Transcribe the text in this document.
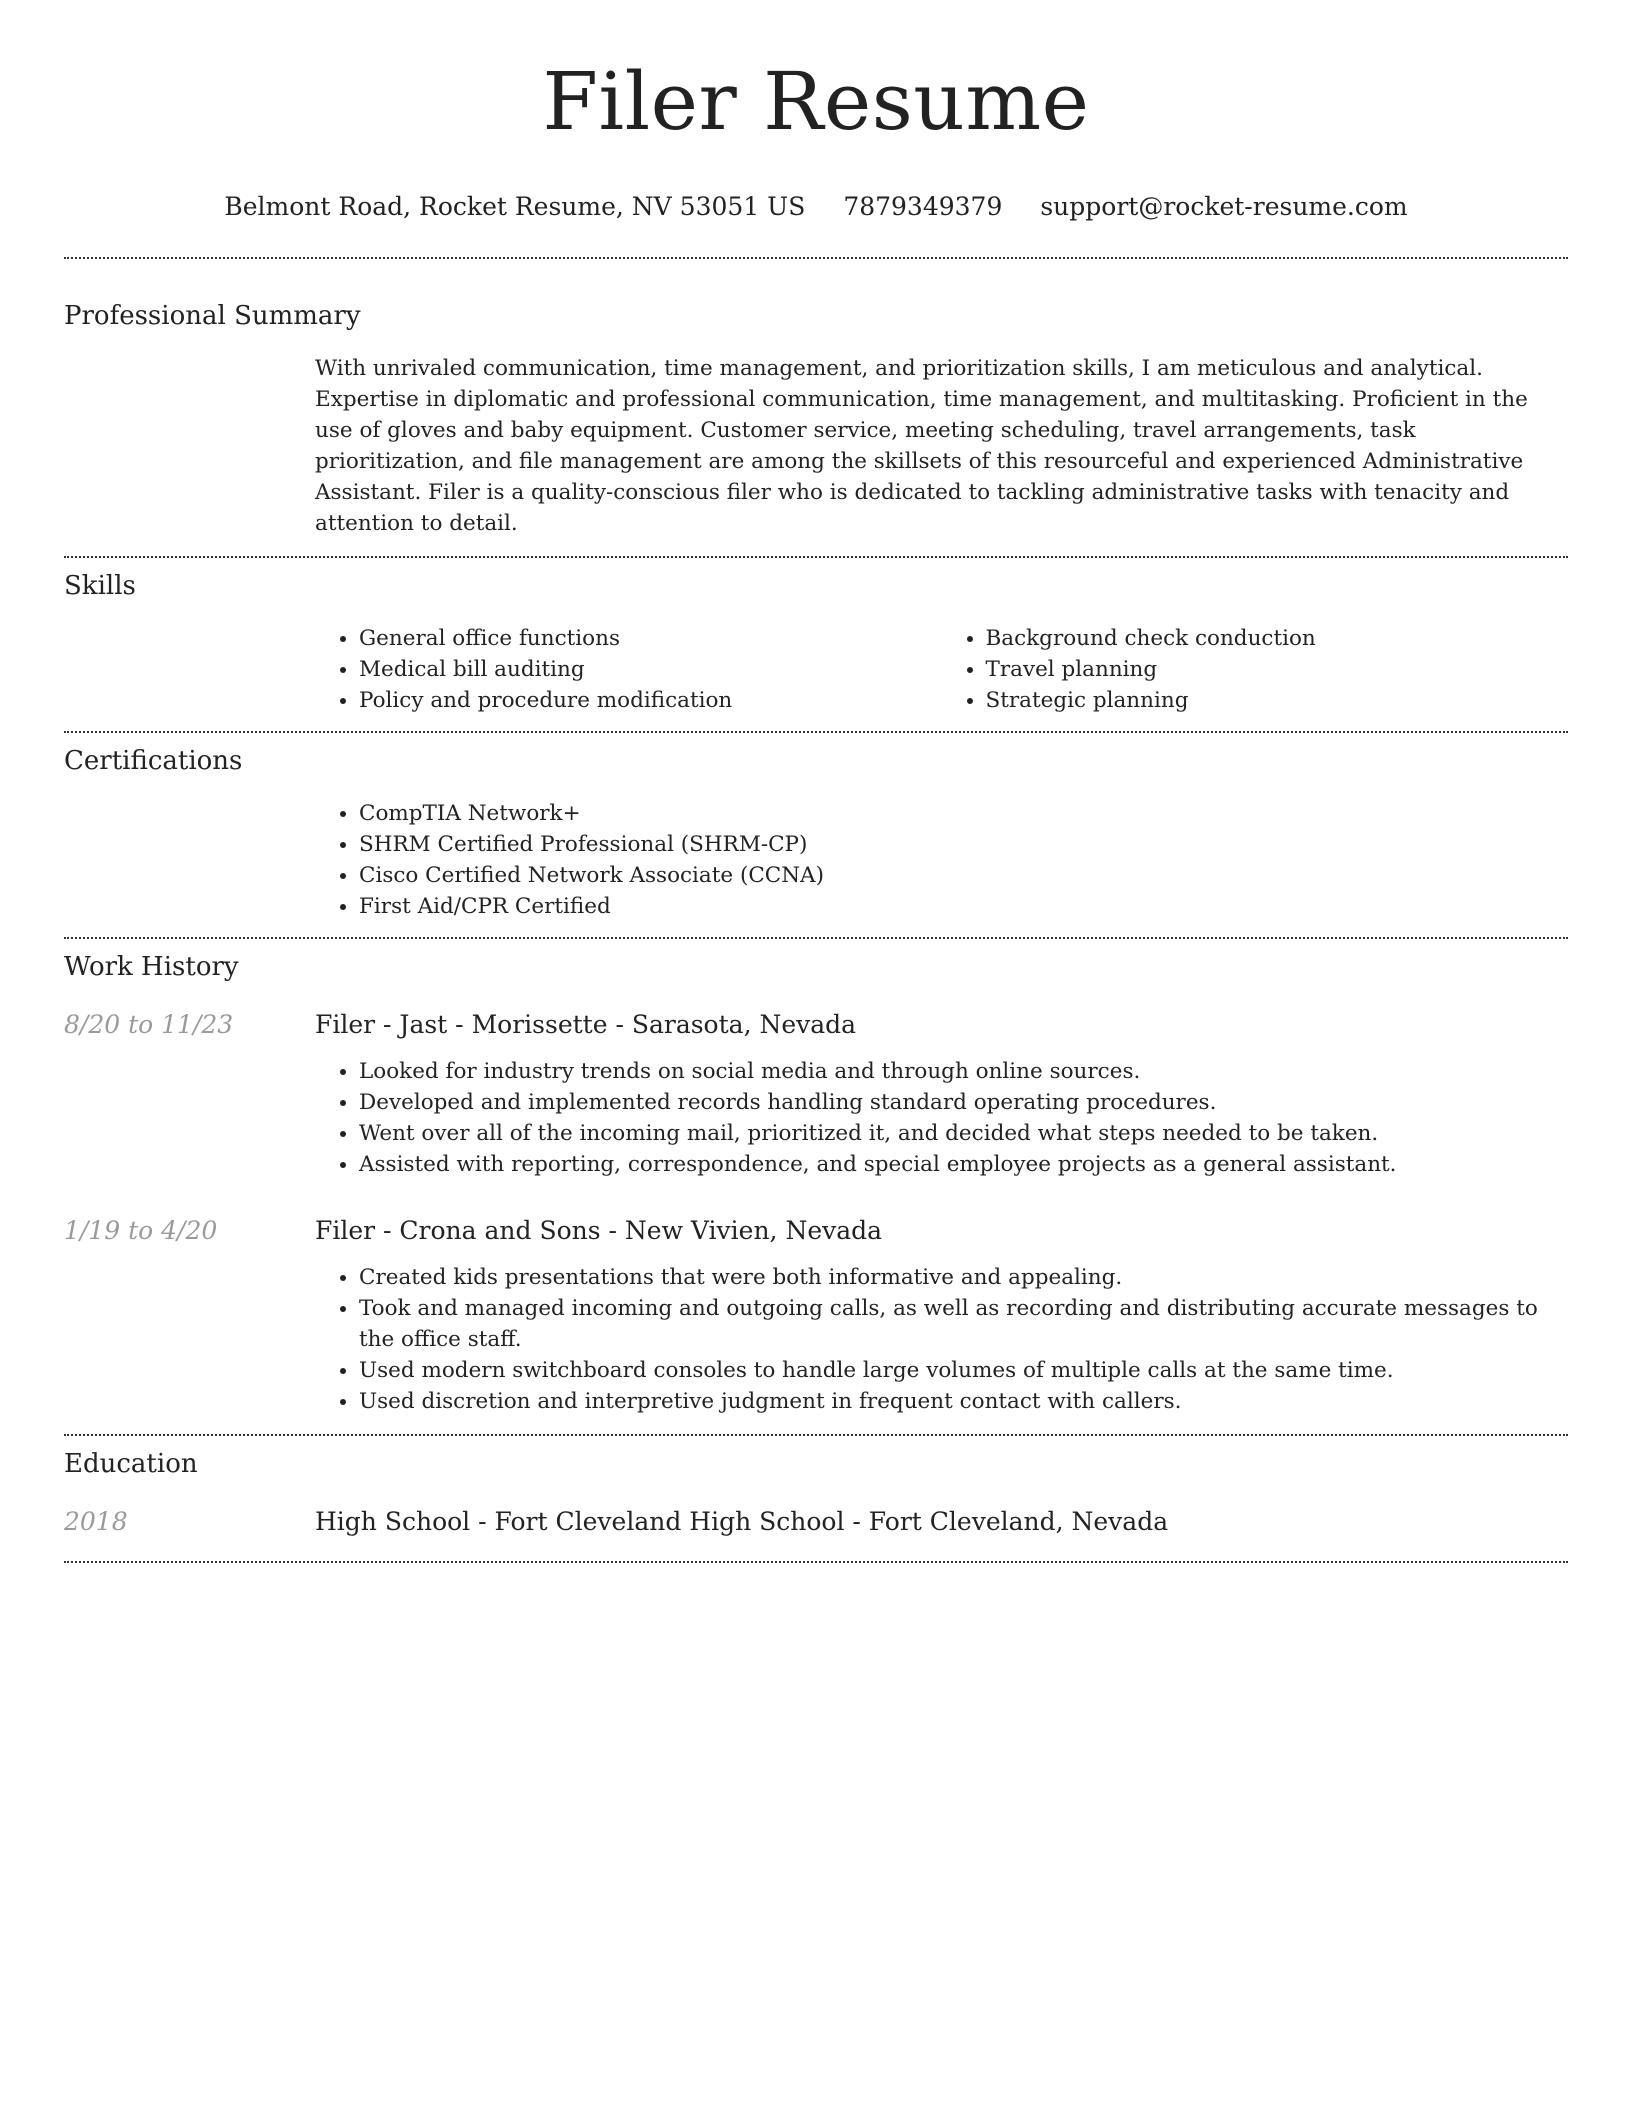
Filer Resume
Belmont Road, Rocket Resume, NV 53051 US 7879349379 support@rocket-resume.com
Professional Summary

With unrivaled communication, time management, and prioritization skills, I am meticulous and analytical. Expertise in diplomatic and professional communication, time management, and multitasking. Proficient in the use of gloves and baby equipment. Customer service, meeting scheduling, travel arrangements, task prioritization, and file management are among the skillsets of this resourceful and experienced Administrative Assistant. Filer is a quality-conscious filer who is dedicated to tackling administrative tasks with tenacity and attention to detail.

Skills
• General office functions
• Medical bill auditing
• Policy and procedure modification
• Background check conduction
• Travel planning
• Strategic planning
Certifications
• CompTIA Network+
• SHRM Certified Professional (SHRM-CP)
• Cisco Certified Network Associate (CCNA)
• First Aid/CPR Certified
Work History
8/20 to 11/23	Filer - Jast - Morissette - Sarasota, Nevada
• Looked for industry trends on social media and through online sources.
• Developed and implemented records handling standard operating procedures.
• Went over all of the incoming mail, prioritized it, and decided what steps needed to be taken.
• Assisted with reporting, correspondence, and special employee projects as a general assistant.
1/19 to 4/20	Filer - Crona and Sons - New Vivien, Nevada
• Created kids presentations that were both informative and appealing.
• Took and managed incoming and outgoing calls, as well as recording and distributing accurate messages to the office staff.
• Used modern switchboard consoles to handle large volumes of multiple calls at the same time.
• Used discretion and interpretive judgment in frequent contact with callers.
Education
2018	High School - Fort Cleveland High School - Fort Cleveland, Nevada
